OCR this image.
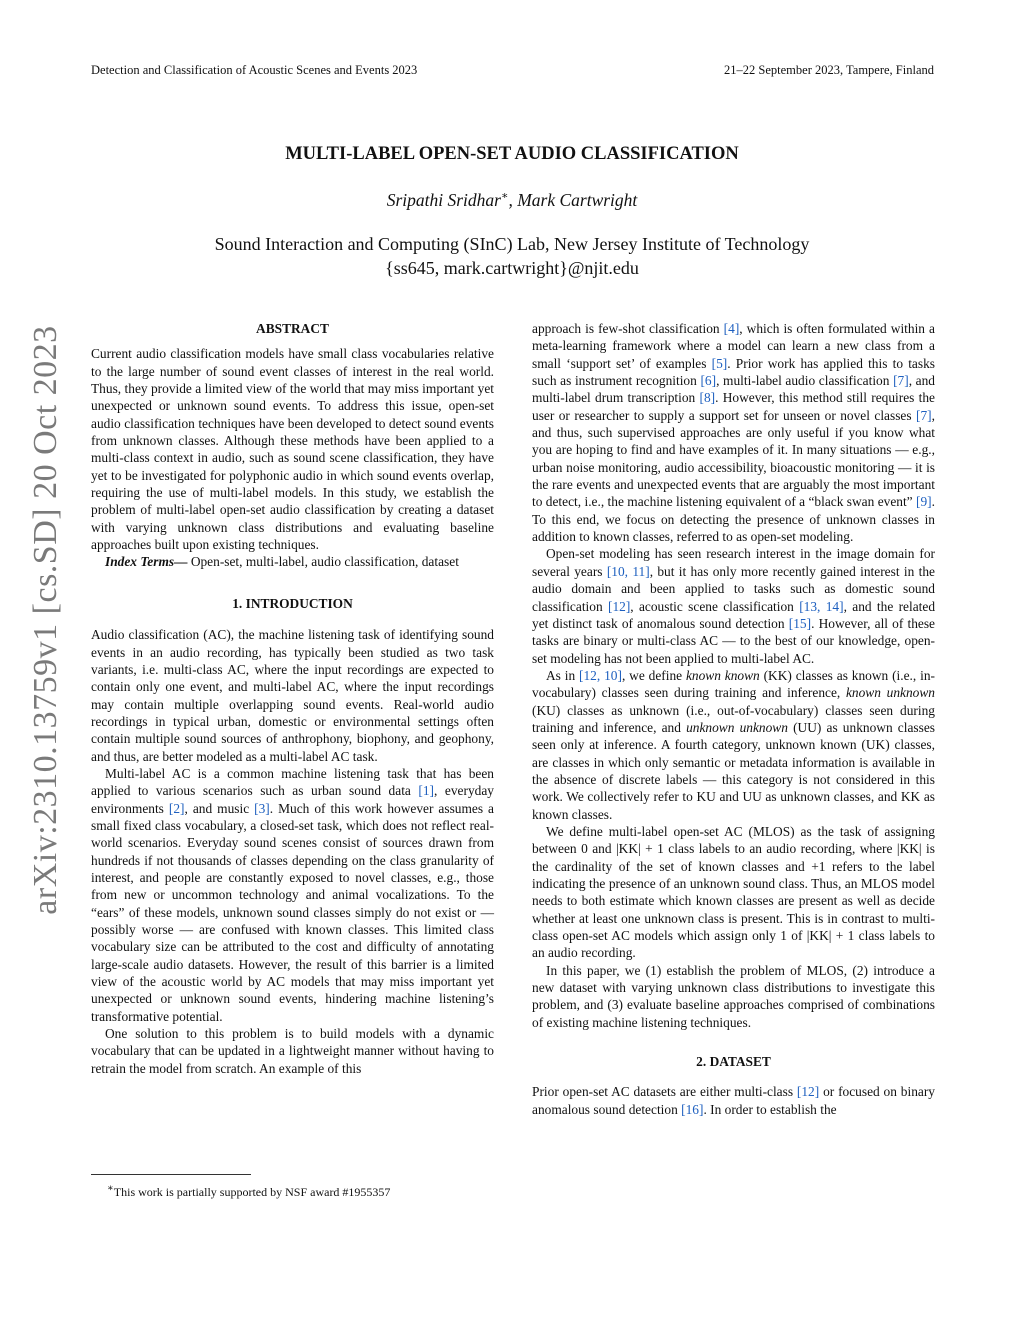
Detection and Classification of Acoustic Scenes and Events 2023	21–22 September 2023, Tampere, Finland
arXiv:2310.13759v1 [cs.SD] 20 Oct 2023
MULTI-LABEL OPEN-SET AUDIO CLASSIFICATION
Sripathi Sridhar∗, Mark Cartwright
Sound Interaction and Computing (SInC) Lab, New Jersey Institute of Technology
{ss645, mark.cartwright}@njit.edu
ABSTRACT

Current audio classification models have small class vocabularies relative to the large number of sound event classes of interest in the real world. Thus, they provide a limited view of the world that may miss important yet unexpected or unknown sound events. To address this issue, open-set audio classification techniques have been developed to detect sound events from unknown classes. Although these methods have been applied to a multi-class context in audio, such as sound scene classification, they have yet to be investigated for polyphonic audio in which sound events overlap, requiring the use of multi-label models. In this study, we establish the problem of multi-label open-set audio classification by creating a dataset with varying unknown class distributions and evaluating baseline approaches built upon existing techniques.

Index Terms— Open-set, multi-label, audio classification, dataset

1. INTRODUCTION

Audio classification (AC), the machine listening task of identifying sound events in an audio recording, has typically been studied as two task variants, i.e. multi-class AC, where the input recordings are expected to contain only one event, and multi-label AC, where the input recordings may contain multiple overlapping sound events. Real-world audio recordings in typical urban, domestic or environmental settings often contain multiple sound sources of anthrophony, biophony, and geophony, and thus, are better modeled as a multi-label AC task.

Multi-label AC is a common machine listening task that has been applied to various scenarios such as urban sound data [1], everyday environments [2], and music [3]. Much of this work however assumes a small fixed class vocabulary, a closed-set task, which does not reflect real-world scenarios. Everyday sound scenes consist of sources drawn from hundreds if not thousands of classes depending on the class granularity of interest, and people are constantly exposed to novel classes, e.g., those from new or uncommon technology and animal vocalizations. To the “ears” of these models, unknown sound classes simply do not exist or — possibly worse — are confused with known classes. This limited class vocabulary size can be attributed to the cost and difficulty of annotating large-scale audio datasets. However, the result of this barrier is a limited view of the acoustic world by AC models that may miss important yet unexpected or unknown sound events, hindering machine listening’s transformative potential.

One solution to this problem is to build models with a dynamic vocabulary that can be updated in a lightweight manner without having to retrain the model from scratch. An example of this

approach is few-shot classification [4], which is often formulated within a meta-learning framework where a model can learn a new class from a small ‘support set’ of examples [5]. Prior work has applied this to tasks such as instrument recognition [6], multi-label audio classification [7], and multi-label drum transcription [8]. However, this method still requires the user or researcher to supply a support set for unseen or novel classes [7], and thus, such supervised approaches are only useful if you know what you are hoping to find and have examples of it. In many situations — e.g., urban noise monitoring, audio accessibility, bioacoustic monitoring — it is the rare events and unexpected events that are arguably the most important to detect, i.e., the machine listening equivalent of a “black swan event” [9]. To this end, we focus on detecting the presence of unknown classes in addition to known classes, referred to as open-set modeling.

Open-set modeling has seen research interest in the image domain for several years [10, 11], but it has only more recently gained interest in the audio domain and been applied to tasks such as domestic sound classification [12], acoustic scene classification [13, 14], and the related yet distinct task of anomalous sound detection [15]. However, all of these tasks are binary or multi-class AC — to the best of our knowledge, open-set modeling has not been applied to multi-label AC.

As in [12, 10], we define known known (KK) classes as known (i.e., in-vocabulary) classes seen during training and inference, known unknown (KU) classes as unknown (i.e., out-of-vocabulary) classes seen during training and inference, and unknown unknown (UU) as unknown classes seen only at inference. A fourth category, unknown known (UK) classes, are classes in which only semantic or metadata information is available in the absence of discrete labels — this category is not considered in this work. We collectively refer to KU and UU as unknown classes, and KK as known classes.

We define multi-label open-set AC (MLOS) as the task of assigning between 0 and |KK| + 1 class labels to an audio recording, where |KK| is the cardinality of the set of known classes and +1 refers to the label indicating the presence of an unknown sound class. Thus, an MLOS model needs to both estimate which known classes are present as well as decide whether at least one unknown class is present. This is in contrast to multi-class open-set AC models which assign only 1 of |KK| + 1 class labels to an audio recording.

In this paper, we (1) establish the problem of MLOS, (2) introduce a new dataset with varying unknown class distributions to investigate this problem, and (3) evaluate baseline approaches comprised of combinations of existing machine listening techniques.

2. DATASET

Prior open-set AC datasets are either multi-class [12] or focused on binary anomalous sound detection [16]. In order to establish the

∗This work is partially supported by NSF award #1955357
